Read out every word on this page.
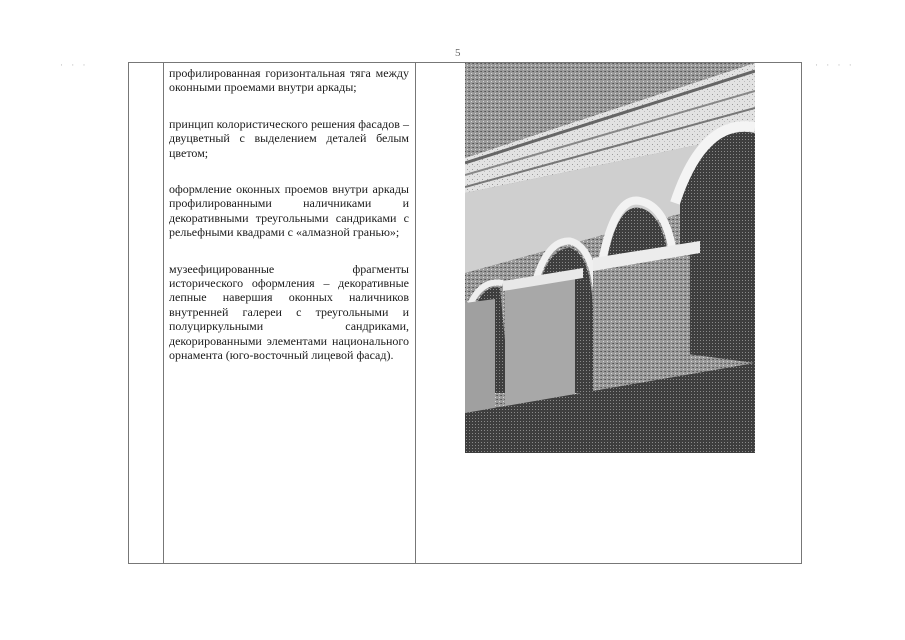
5
· · ·	· · · ·

профилированная горизонтальная тяга между оконными проемами внутри аркады;

принцип колористического решения фасадов – двуцветный с выделением деталей белым цветом;

оформление оконных проемов внутри аркады профилированными наличниками и декоративными треугольными сандриками с рельефными квадрами с «алмазной гранью»;

музеефицированные фрагменты исторического оформления – декоративные лепные навершия оконных наличников внутренней галереи с треугольными и полуциркульными сандриками, декорированными элементами национального орнамента (юго-восточный лицевой фасад).
